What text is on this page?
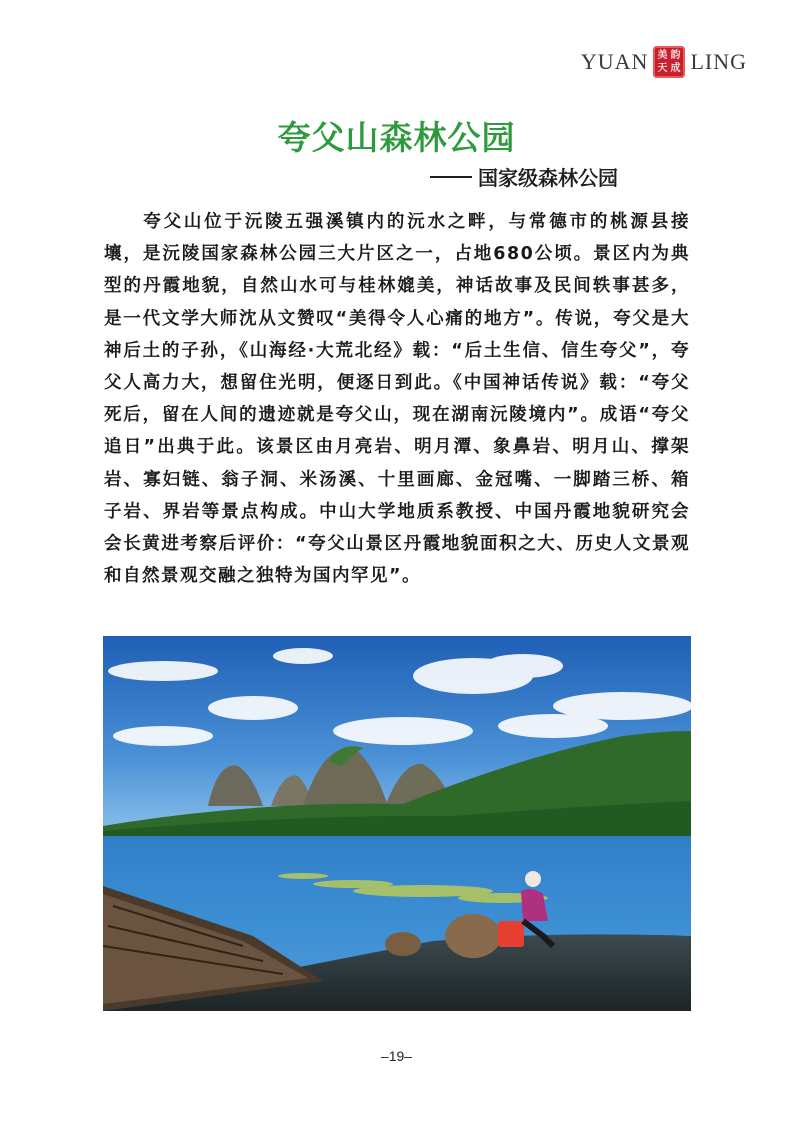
YUAN 美 韵
天 成 LING
夸父山森林公园
国家级森林公园
夸父山位于沅陵五强溪镇内的沅水之畔，与常德市的桃源县接壤，是沅陵国家森林公园三大片区之一，占地680公顷。景区内为典型的丹霞地貌，自然山水可与桂林媲美，神话故事及民间轶事甚多，是一代文学大师沈从文赞叹“美得令人心痛的地方”。传说，夸父是大神后土的子孙，《山海经·大荒北经》载：“后土生信、信生夸父”，夸父人高力大，想留住光明，便逐日到此。《中国神话传说》载：“夸父死后，留在人间的遗迹就是夸父山，现在湖南沅陵境内”。成语“夸父追日”出典于此。该景区由月亮岩、明月潭、象鼻岩、明月山、撑架岩、寡妇链、翁子洞、米汤溪、十里画廊、金冠嘴、一脚踏三桥、箱子岩、界岩等景点构成。中山大学地质系教授、中国丹霞地貌研究会会长黄进考察后评价：“夸父山景区丹霞地貌面积之大、历史人文景观和自然景观交融之独特为国内罕见”。
–19–
